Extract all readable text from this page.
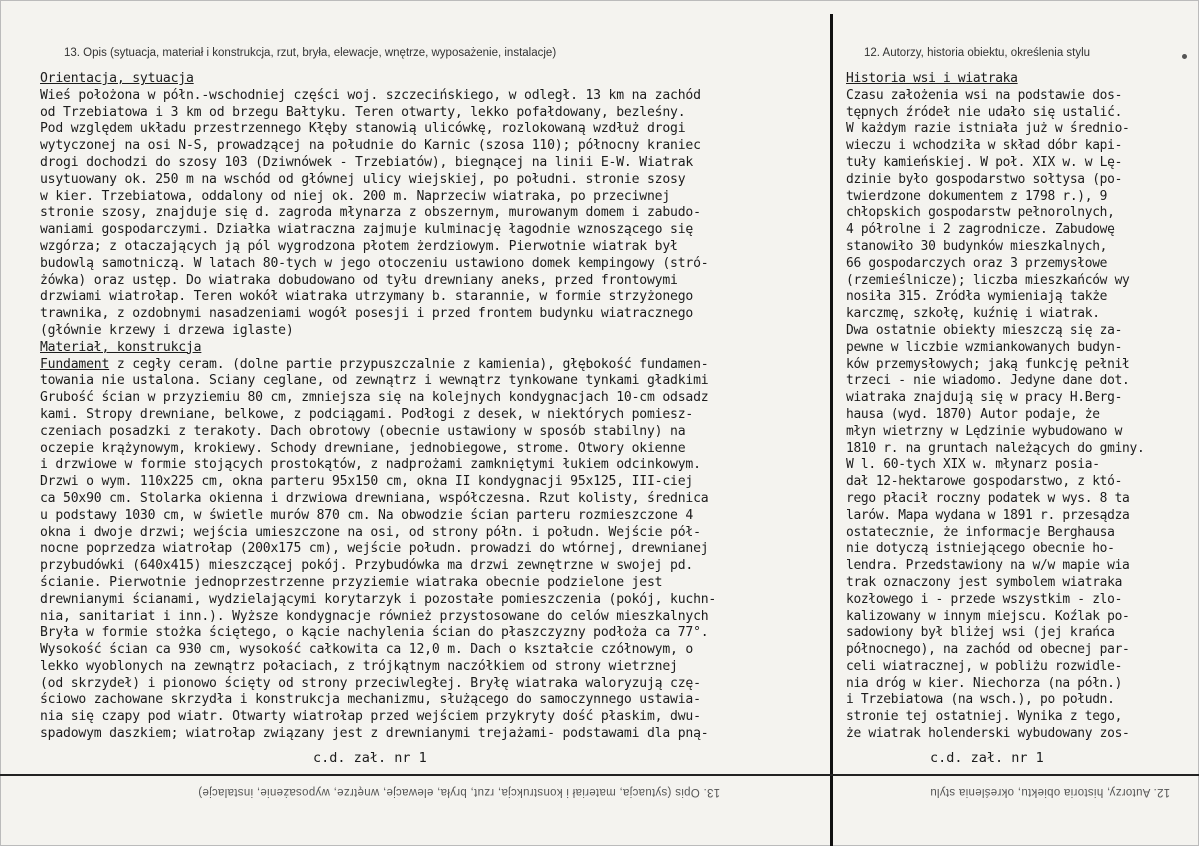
13. Opis (sytuacja, materiał i konstrukcja, rzut, bryła, elewacje, wnętrze, wyposażenie, instalacje)	12. Autorzy, historia obiektu, określenia stylu
Orientacja, sytuacja
Wieś położona w półn.-wschodniej części woj. szczecińskiego, w odległ. 13 km na zachód
od Trzebiatowa i 3 km od brzegu Bałtyku. Teren otwarty, lekko pofałdowany, bezleśny.
Pod względem układu przestrzennego Kłęby stanowią ulicówkę, rozlokowaną wzdłuż drogi
wytyczonej na osi N-S, prowadzącej na południe do Karnic (szosa 110); północny kraniec
drogi dochodzi do szosy 103 (Dziwnówek - Trzebiatów), biegnącej na linii E-W. Wiatrak
usytuowany ok. 250 m na wschód od głównej ulicy wiejskiej, po południ. stronie szosy
w kier. Trzebiatowa, oddalony od niej ok. 200 m. Naprzeciw wiatraka, po przeciwnej
stronie szosy, znajduje się d. zagroda młynarza z obszernym, murowanym domem i zabudo-
waniami gospodarczymi. Działka wiatraczna zajmuje kulminację łagodnie wznoszącego się
wzgórza; z otaczających ją pól wygrodzona płotem żerdziowym. Pierwotnie wiatrak był
budowlą samotniczą. W latach 80-tych w jego otoczeniu ustawiono domek kempingowy (stró-
żówka) oraz ustęp. Do wiatraka dobudowano od tyłu drewniany aneks, przed frontowymi
drzwiami wiatrołap. Teren wokół wiatraka utrzymany b. starannie, w formie strzyżonego
trawnika, z ozdobnymi nasadzeniami wogół posesji i przed frontem budynku wiatracznego
(głównie krzewy i drzewa iglaste)
Materiał, konstrukcja
Fundament z cegły ceram. (dolne partie przypuszczalnie z kamienia), głębokość fundamen-
towania nie ustalona. Ściany ceglane, od zewnątrz i wewnątrz tynkowane tynkami gładkimi
Grubość ścian w przyziemiu 80 cm, zmniejsza się na kolejnych kondygnacjach 10-cm odsadz
kami. Stropy drewniane, belkowe, z podciągami. Podłogi z desek, w niektórych pomiesz-
czeniach posadzki z terakoty. Dach obrotowy (obecnie ustawiony w sposób stabilny) na
oczepie krążynowym, krokiewy. Schody drewniane, jednobiegowe, strome. Otwory okienne
i drzwiowe w formie stojących prostokątów, z nadprożami zamkniętymi łukiem odcinkowym.
Drzwi o wym. 110x225 cm, okna parteru 95x150 cm, okna II kondygnacji 95x125, III-ciej
ca 50x90 cm. Stolarka okienna i drzwiowa drewniana, współczesna. Rzut kolisty, średnica
u podstawy 1030 cm, w świetle murów 870 cm. Na obwodzie ścian parteru rozmieszczone 4
okna i dwoje drzwi; wejścia umieszczone na osi, od strony półn. i połudn. Wejście pół-
nocne poprzedza wiatrołap (200x175 cm), wejście połudn. prowadzi do wtórnej, drewnianej
przybudówki (640x415) mieszczącej pokój. Przybudówka ma drzwi zewnętrzne w swojej pd.
ścianie. Pierwotnie jednoprzestrzenne przyziemie wiatraka obecnie podzielone jest
drewnianymi ścianami, wydzielającymi korytarzyk i pozostałe pomieszczenia (pokój, kuchn-
nia, sanitariat i inn.). Wyższe kondygnacje również przystosowane do celów mieszkalnych
Bryła w formie stożka ściętego, o kącie nachylenia ścian do płaszczyzny podłoża ca 77°.
Wysokość ścian ca 930 cm, wysokość całkowita ca 12,0 m. Dach o kształcie czółnowym, o
lekko wyoblonych na zewnątrz połaciach, z trójkątnym naczółkiem od strony wietrznej
(od skrzydeł) i pionowo ścięty od strony przeciwległej. Bryłę wiatraka waloryzują czę-
ściowo zachowane skrzydła i konstrukcja mechanizmu, służącego do samoczynnego ustawia-
nia się czapy pod wiatr. Otwarty wiatrołap przed wejściem przykryty dość płaskim, dwu-
spadowym daszkiem; wiatrołap związany jest z drewnianymi trejażami- podstawami dla pną-
Historia wsi i wiatraka
Czasu założenia wsi na podstawie dos-
tępnych źródeł nie udało się ustalić.
W każdym razie istniała już w średnio-
wieczu i wchodziła w skład dóbr kapi-
tuły kamieńskiej. W poł. XIX w. w Lę-
dzinie było gospodarstwo sołtysa (po-
twierdzone dokumentem z 1798 r.), 9
chłopskich gospodarstw pełnorolnych,
4 półrolne i 2 zagrodnicze. Zabudowę
stanowiło 30 budynków mieszkalnych,
66 gospodarczych oraz 3 przemysłowe
(rzemieślnicze); liczba mieszkańców wy
nosiła 315. Źródła wymieniają także
karczmę, szkołę, kuźnię i wiatrak.
Dwa ostatnie obiekty mieszczą się za-
pewne w liczbie wzmiankowanych budyn-
ków przemysłowych; jaką funkcję pełnił
trzeci - nie wiadomo. Jedyne dane dot.
wiatraka znajdują się w pracy H.Berg-
hausa (wyd. 1870) Autor podaje, że
młyn wietrzny w Lędzinie wybudowano w
1810 r. na gruntach należących do gminy.
W l. 60-tych XIX w. młynarz posia-
dał 12-hektarowe gospodarstwo, z któ-
rego płacił roczny podatek w wys. 8 ta
larów. Mapa wydana w 1891 r. przesądza
ostatecznie, że informacje Berghausa
nie dotyczą istniejącego obecnie ho-
lendra. Przedstawiony na w/w mapie wia
trak oznaczony jest symbolem wiatraka
kozłowego i - przede wszystkim - zlo-
kalizowany w innym miejscu. Koźlak po-
sadowiony był bliżej wsi (jej krańca
północnego), na zachód od obecnej par-
celi wiatracznej, w pobliżu rozwidle-
nia dróg w kier. Niechorza (na półn.)
i Trzebiatowa (na wsch.), po połudn.
stronie tej ostatniej. Wynika z tego,
że wiatrak holenderski wybudowany zos-
c.d. zał. nr 1	c.d. zał. nr 1
13. Opis (sytuacja, materiał i konstrukcja, rzut, bryła, elewacje, wnętrze, wyposażenie, instalacje)	12. Autorzy, historia obiektu, określenia stylu
